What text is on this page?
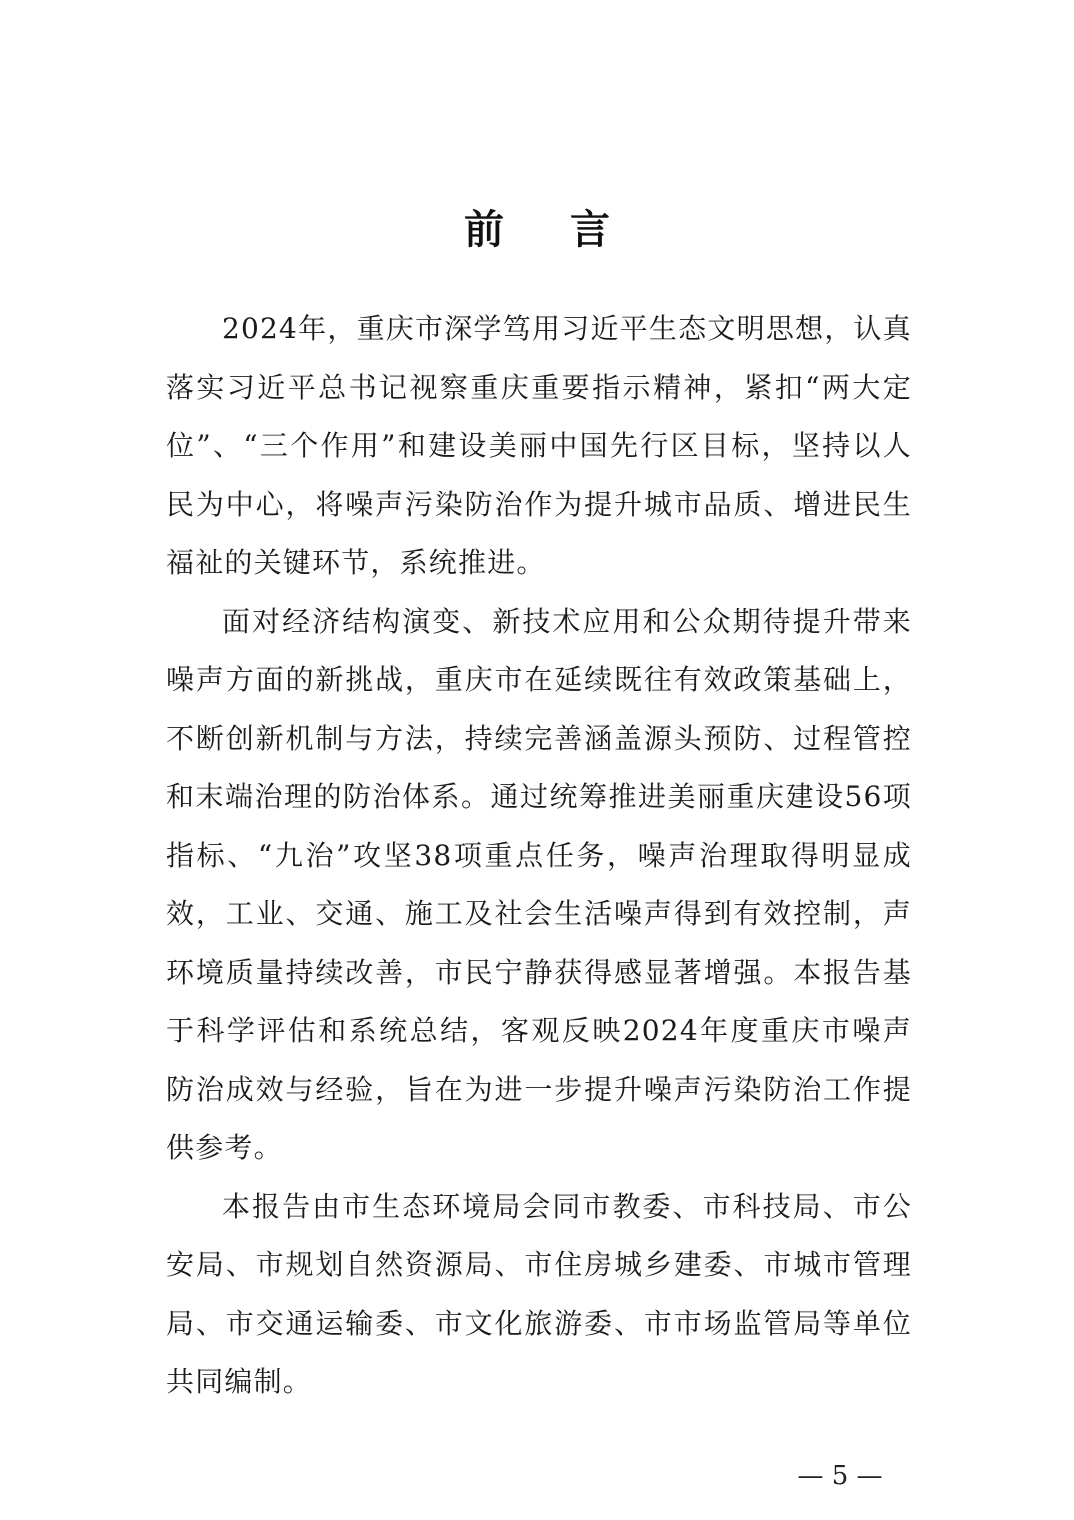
前 言

2024年，重庆市深学笃用习近平生态文明思想，认真落实习近平总书记视察重庆重要指示精神，紧扣“两大定位”、“三个作用”和建设美丽中国先行区目标，坚持以人民为中心，将噪声污染防治作为提升城市品质、增进民生福祉的关键环节，系统推进。

面对经济结构演变、新技术应用和公众期待提升带来噪声方面的新挑战，重庆市在延续既往有效政策基础上，不断创新机制与方法，持续完善涵盖源头预防、过程管控和末端治理的防治体系。通过统筹推进美丽重庆建设56项指标、“九治”攻坚38项重点任务，噪声治理取得明显成效，工业、交通、施工及社会生活噪声得到有效控制，声环境质量持续改善，市民宁静获得感显著增强。本报告基于科学评估和系统总结，客观反映2024年度重庆市噪声防治成效与经验，旨在为进一步提升噪声污染防治工作提供参考。

本报告由市生态环境局会同市教委、市科技局、市公安局、市规划自然资源局、市住房城乡建委、市城市管理局、市交通运输委、市文化旅游委、市市场监管局等单位共同编制。

— 5 —
